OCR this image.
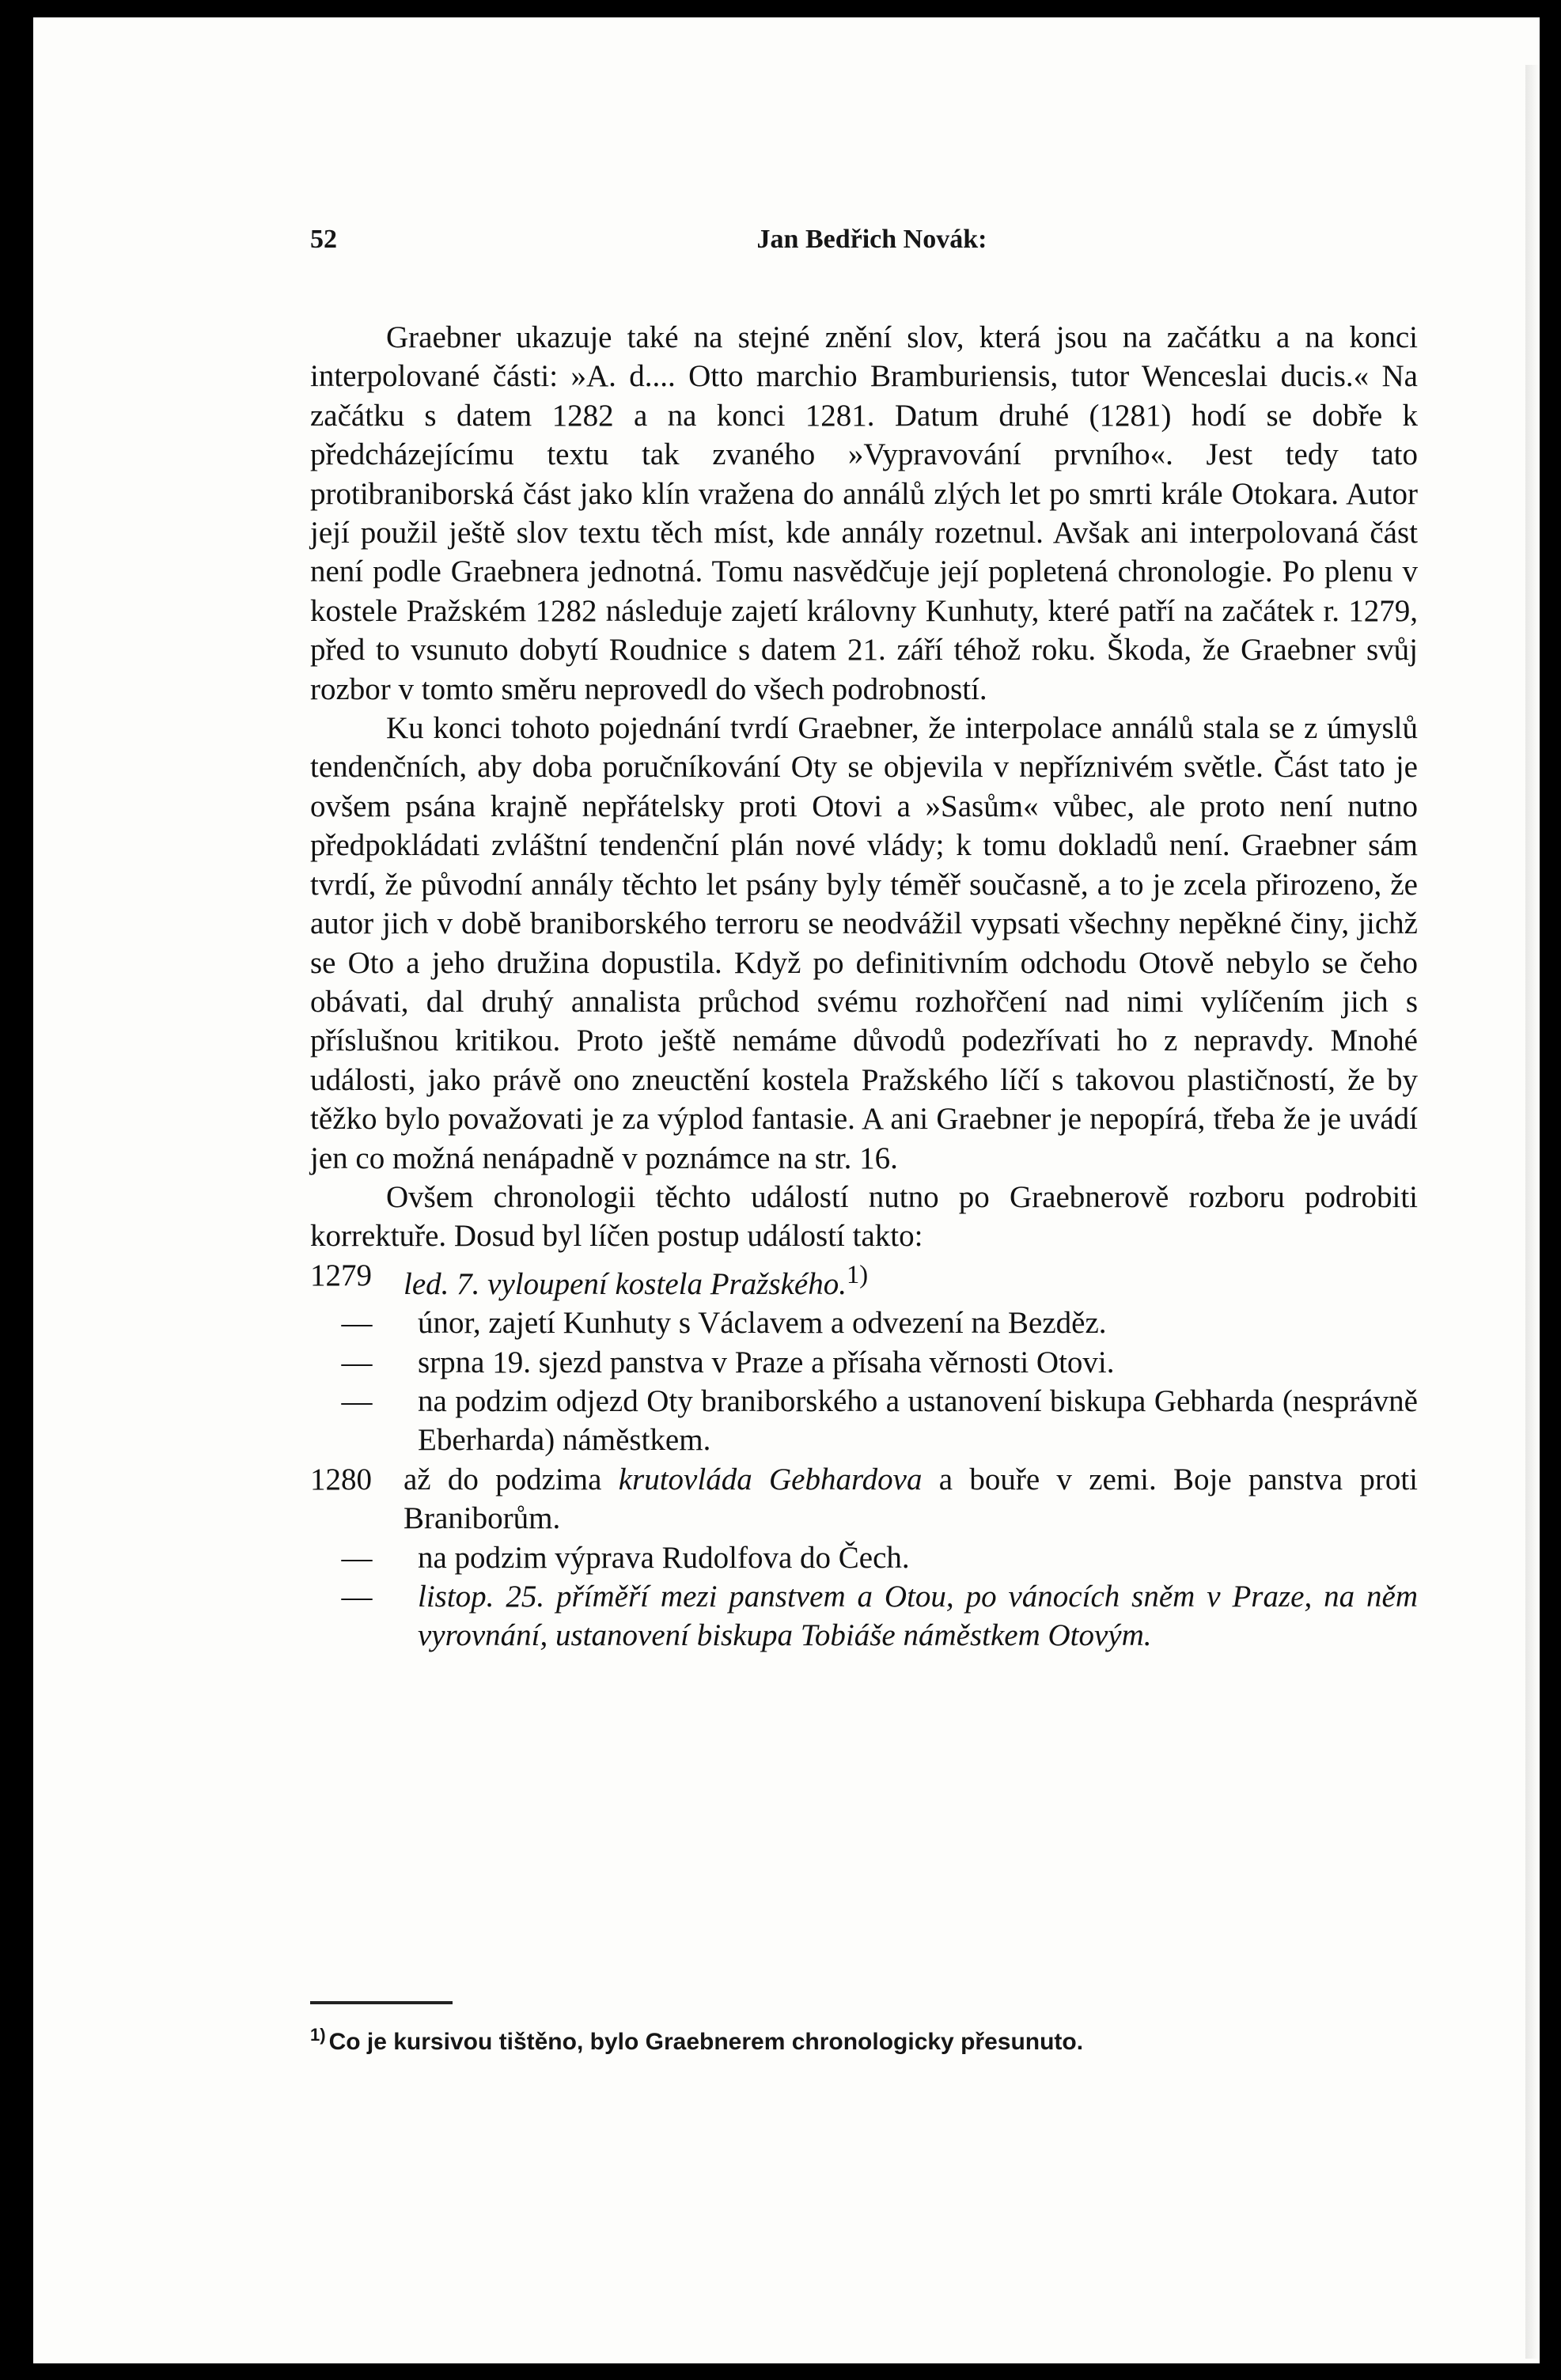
52	Jan Bedřich Novák:

Graebner ukazuje také na stejné znění slov, která jsou na začátku a na konci interpolované části: »A. d.... Otto marchio Bramburiensis, tutor Wenceslai ducis.« Na začátku s datem 1282 a na konci 1281. Datum druhé (1281) hodí se dobře k předcházejícímu textu tak zvaného »Vypravování prvního«. Jest tedy tato protibraniborská část jako klín vražena do annálů zlých let po smrti krále Otokara. Autor její použil ještě slov textu těch míst, kde annály rozetnul. Avšak ani interpolovaná část není podle Graebnera jednotná. Tomu nasvědčuje její popletená chronologie. Po plenu v kostele Pražském 1282 následuje zajetí královny Kunhuty, které patří na začátek r. 1279, před to vsunuto dobytí Roudnice s datem 21. září téhož roku. Škoda, že Graebner svůj rozbor v tomto směru neprovedl do všech podrobností.

Ku konci tohoto pojednání tvrdí Graebner, že interpolace annálů stala se z úmyslů tendenčních, aby doba poručníkování Oty se objevila v nepříznivém světle. Část tato je ovšem psána krajně nepřátelsky proti Otovi a »Sasům« vůbec, ale proto není nutno předpokládati zvláštní tendenční plán nové vlády; k tomu dokladů není. Graebner sám tvrdí, že původní annály těchto let psány byly téměř současně, a to je zcela přirozeno, že autor jich v době braniborského terroru se neodvážil vypsati všechny nepěkné činy, jichž se Oto a jeho družina dopustila. Když po definitivním odchodu Otově nebylo se čeho obávati, dal druhý annalista průchod svému rozhořčení nad nimi vylíčením jich s příslušnou kritikou. Proto ještě nemáme důvodů podezřívati ho z nepravdy. Mnohé události, jako právě ono zneuctění kostela Pražského líčí s takovou plastičností, že by těžko bylo považovati je za výplod fantasie. A ani Graebner je nepopírá, třeba že je uvádí jen co možná nenápadně v poznámce na str. 16.

Ovšem chronologii těchto událostí nutno po Graebnerově rozboru podrobiti korrektuře. Dosud byl líčen postup událostí takto:

1279	led. 7. vyloupení kostela Pražského.$^{1)}$
—	únor, zajetí Kunhuty s Václavem a odvezení na Bezděz.
—	srpna 19. sjezd panstva v Praze a přísaha věrnosti Otovi.
—	na podzim odjezd Oty braniborského a ustanovení biskupa Gebharda (nesprávně Eberharda) náměstkem.
1280	až do podzima krutovláda Gebhardova a bouře v zemi. Boje panstva proti Braniborům.
—	na podzim výprava Rudolfova do Čech.
—	listop. 25. příměří mezi panstvem a Otou, po vánocích sněm v Praze, na něm vyrovnání, ustanovení biskupa Tobiáše náměstkem Otovým.
$^{1)}$ Co je kursivou tištěno, bylo Graebnerem chronologicky přesunuto.
